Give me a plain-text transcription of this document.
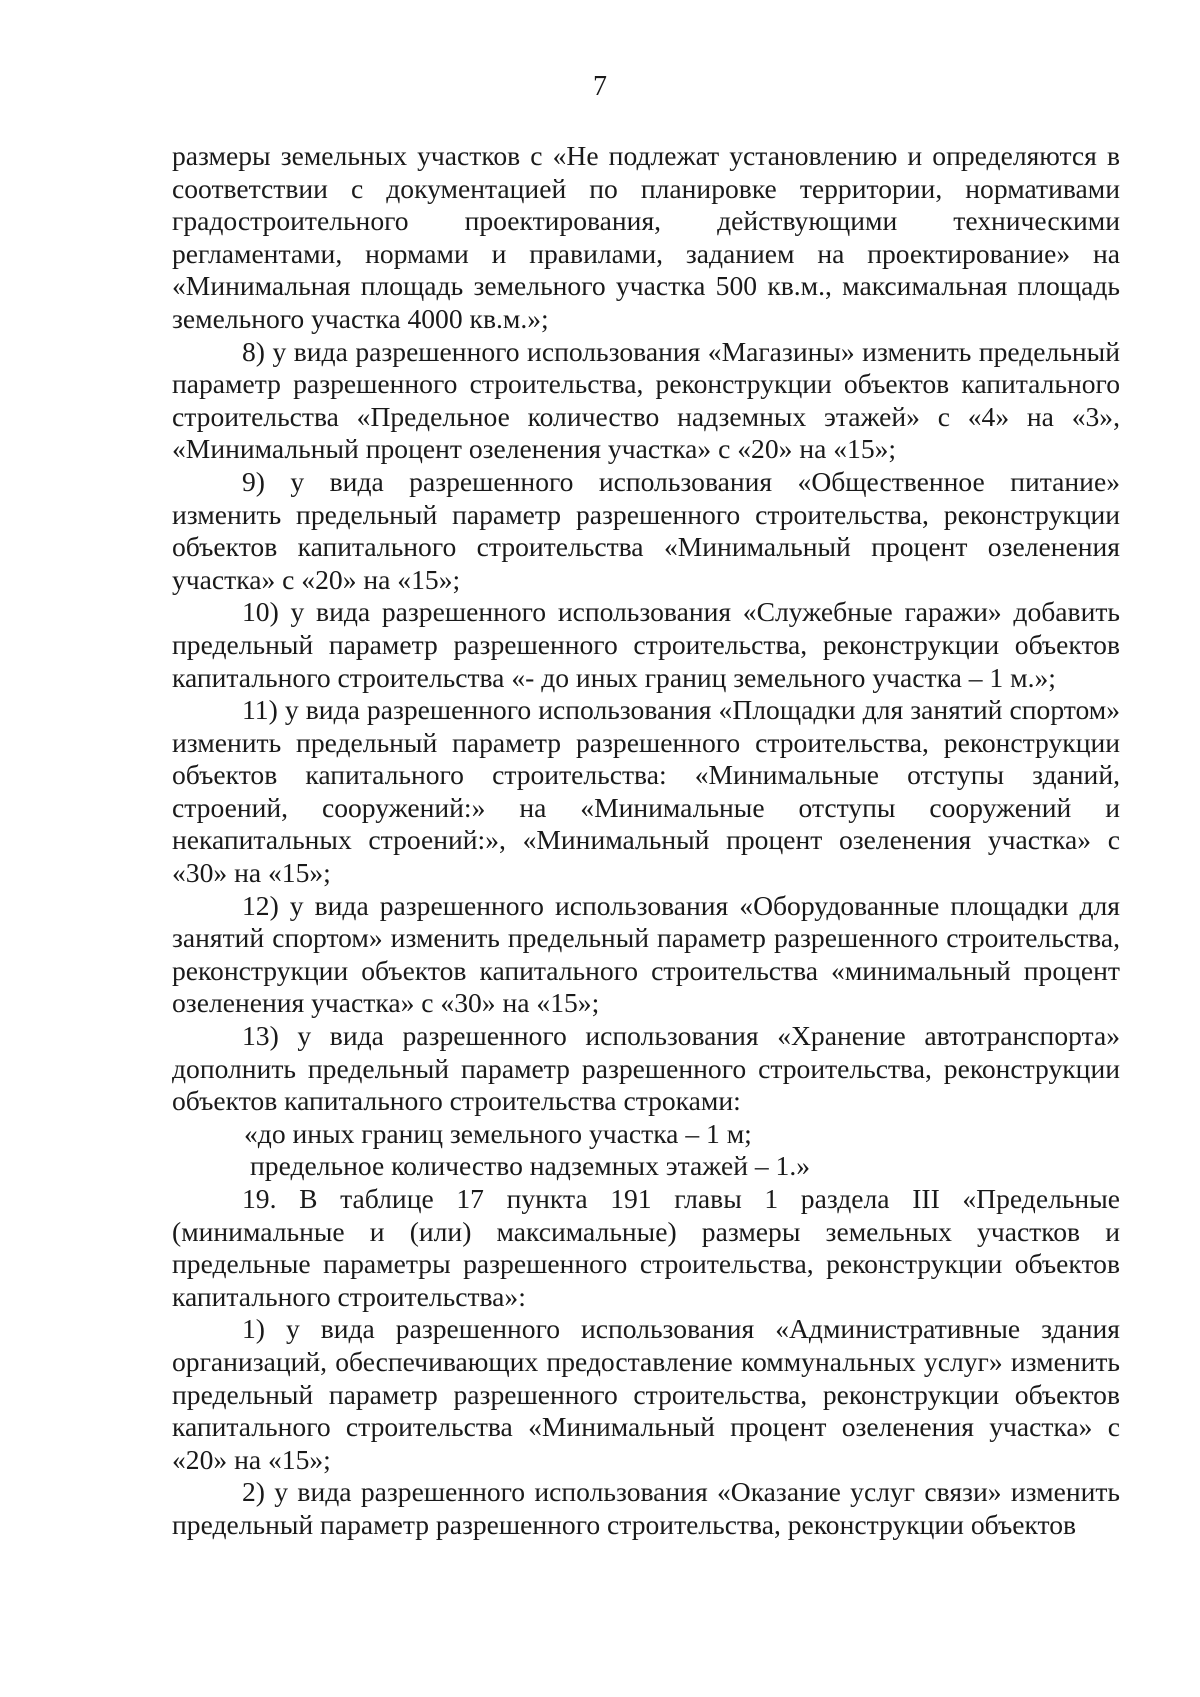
7

размеры земельных участков с «Не подлежат установлению и определяются в соответствии с документацией по планировке территории, нормативами градостроительного проектирования, действующими техническими регламентами, нормами и правилами, заданием на проектирование» на «Минимальная площадь земельного участка 500 кв.м., максимальная площадь земельного участка 4000 кв.м.»;

8) у вида разрешенного использования «Магазины» изменить предельный параметр разрешенного строительства, реконструкции объектов капитального строительства «Предельное количество надземных этажей» с «4» на «3», «Минимальный процент озеленения участка» с «20» на «15»;

9) у вида разрешенного использования «Общественное питание» изменить предельный параметр разрешенного строительства, реконструкции объектов капитального строительства «Минимальный процент озеленения участка» с «20» на «15»;

10) у вида разрешенного использования «Служебные гаражи» добавить предельный параметр разрешенного строительства, реконструкции объектов капитального строительства «- до иных границ земельного участка – 1 м.»;

11) у вида разрешенного использования «Площадки для занятий спортом» изменить предельный параметр разрешенного строительства, реконструкции объектов капитального строительства: «Минимальные отступы зданий, строений, сооружений:» на «Минимальные отступы сооружений и некапитальных строений:», «Минимальный процент озеленения участка» с «30» на «15»;

12) у вида разрешенного использования «Оборудованные площадки для занятий спортом» изменить предельный параметр разрешенного строительства, реконструкции объектов капитального строительства «минимальный процент озеленения участка» с «30» на «15»;

13) у вида разрешенного использования «Хранение автотранспорта» дополнить предельный параметр разрешенного строительства, реконструкции объектов капитального строительства строками:

«до иных границ земельного участка – 1 м;

предельное количество надземных этажей – 1.»

19. В таблице 17 пункта 191 главы 1 раздела III «Предельные (минимальные и (или) максимальные) размеры земельных участков и предельные параметры разрешенного строительства, реконструкции объектов капитального строительства»:

1) у вида разрешенного использования «Административные здания организаций, обеспечивающих предоставление коммунальных услуг» изменить предельный параметр разрешенного строительства, реконструкции объектов капитального строительства «Минимальный процент озеленения участка» с «20» на «15»;

2) у вида разрешенного использования «Оказание услуг связи» изменить предельный параметр разрешенного строительства, реконструкции объектов
